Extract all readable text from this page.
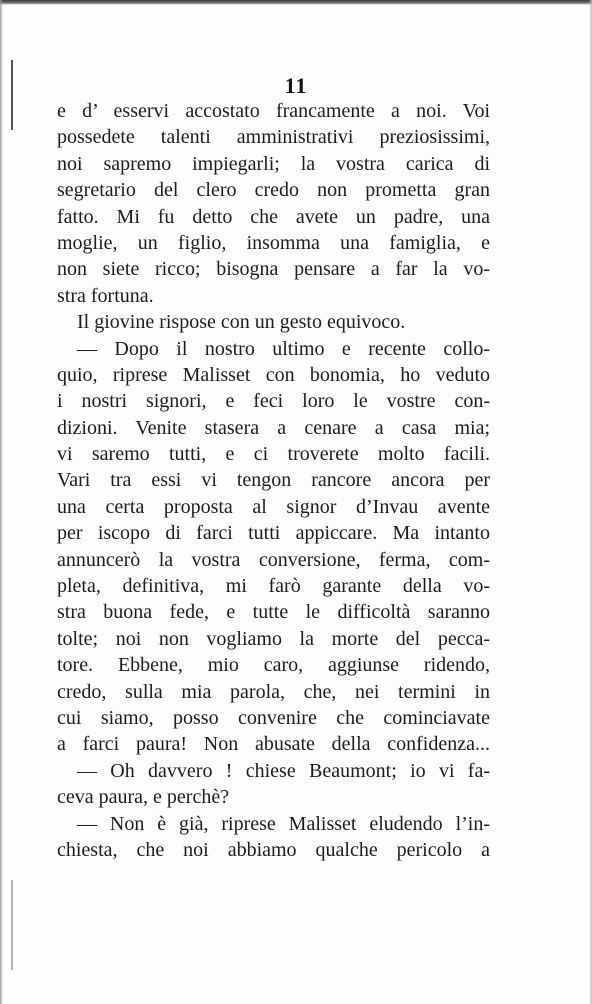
11
e d’ esservi accostato francamente a noi. Voi
possedete talenti amministrativi preziosissimi,
noi sapremo impiegarli; la vostra carica di
segretario del clero credo non prometta gran
fatto. Mi fu detto che avete un padre, una
moglie, un figlio, insomma una famiglia, e
non siete ricco; bisogna pensare a far la vo-
stra fortuna.
Il giovine rispose con un gesto equivoco.
— Dopo il nostro ultimo e recente collo-
quio, riprese Malisset con bonomia, ho veduto
i nostri signori, e feci loro le vostre con-
dizioni. Venite stasera a cenare a casa mia;
vi saremo tutti, e ci troverete molto facili.
Vari tra essi vi tengon rancore ancora per
una certa proposta al signor d’Invau avente
per iscopo di farci tutti appiccare. Ma intanto
annuncerò la vostra conversione, ferma, com-
pleta, definitiva, mi farò garante della vo-
stra buona fede, e tutte le difficoltà saranno
tolte; noi non vogliamo la morte del pecca-
tore. Ebbene, mio caro, aggiunse ridendo,
credo, sulla mia parola, che, nei termini in
cui siamo, posso convenire che cominciavate
a farci paura! Non abusate della confidenza...
— Oh davvero ! chiese Beaumont; io vi fa-
ceva paura, e perchè?
— Non è già, riprese Malisset eludendo l’in-
chiesta, che noi abbiamo qualche pericolo a
